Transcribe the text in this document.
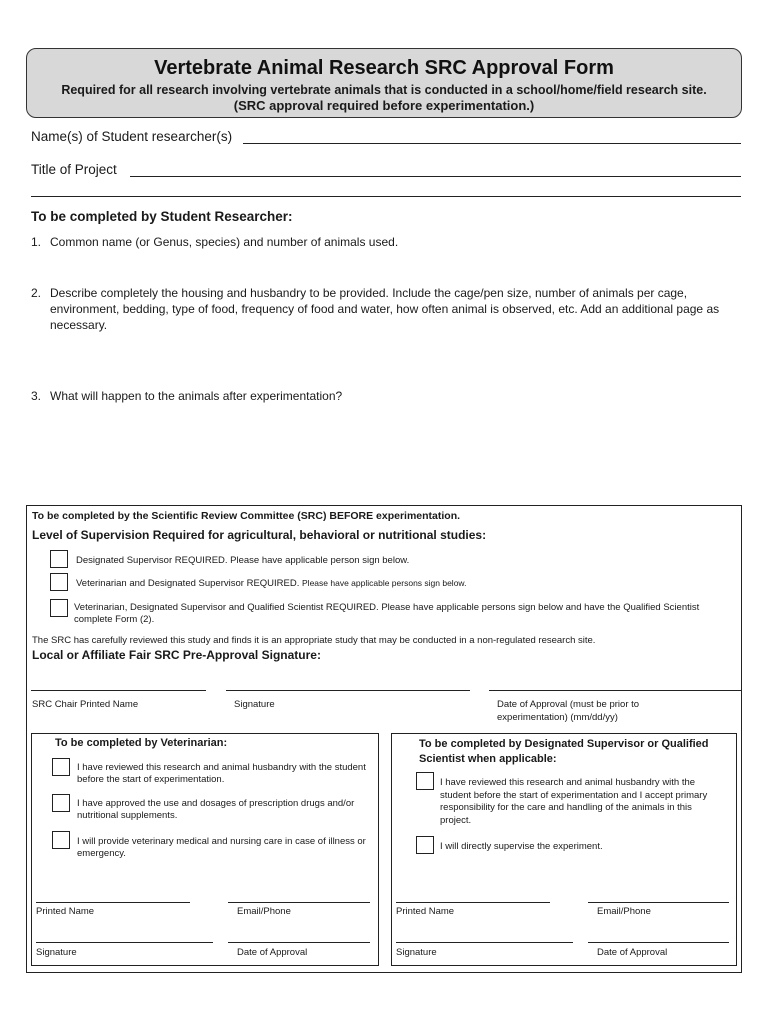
Vertebrate Animal Research SRC Approval Form
Required for all research involving vertebrate animals that is conducted in a school/home/field research site.
(SRC approval required before experimentation.)
Name(s) of Student researcher(s)
Title of Project
To be completed by Student Researcher:
1. Common name (or Genus, species) and number of animals used.
2. Describe completely the housing and husbandry to be provided. Include the cage/pen size, number of animals per cage, environment, bedding, type of food, frequency of food and water, how often animal is observed, etc. Add an additional page as necessary.
3. What will happen to the animals after experimentation?
To be completed by the Scientific Review Committee (SRC) BEFORE experimentation.
Level of Supervision Required for agricultural, behavioral or nutritional studies:
Designated Supervisor REQUIRED. Please have applicable person sign below.
Veterinarian and Designated Supervisor REQUIRED. Please have applicable persons sign below.
Veterinarian, Designated Supervisor and Qualified Scientist REQUIRED. Please have applicable persons sign below and have the Qualified Scientist complete Form (2).
The SRC has carefully reviewed this study and finds it is an appropriate study that may be conducted in a non-regulated research site.
Local or Affiliate Fair SRC Pre-Approval Signature:
SRC Chair Printed Name	Signature	Date of Approval (must be prior to experimentation) (mm/dd/yy)
To be completed by Veterinarian:
I have reviewed this research and animal husbandry with the student before the start of experimentation.
I have approved the use and dosages of prescription drugs and/or nutritional supplements.
I will provide veterinary medical and nursing care in case of illness or emergency.
Printed Name	Email/Phone
Signature	Date of Approval
To be completed by Designated Supervisor or Qualified Scientist when applicable:
I have reviewed this research and animal husbandry with the student before the start of experimentation and I accept primary responsibility for the care and handling of the animals in this project.
I will directly supervise the experiment.
Printed Name	Email/Phone
Signature	Date of Approval
